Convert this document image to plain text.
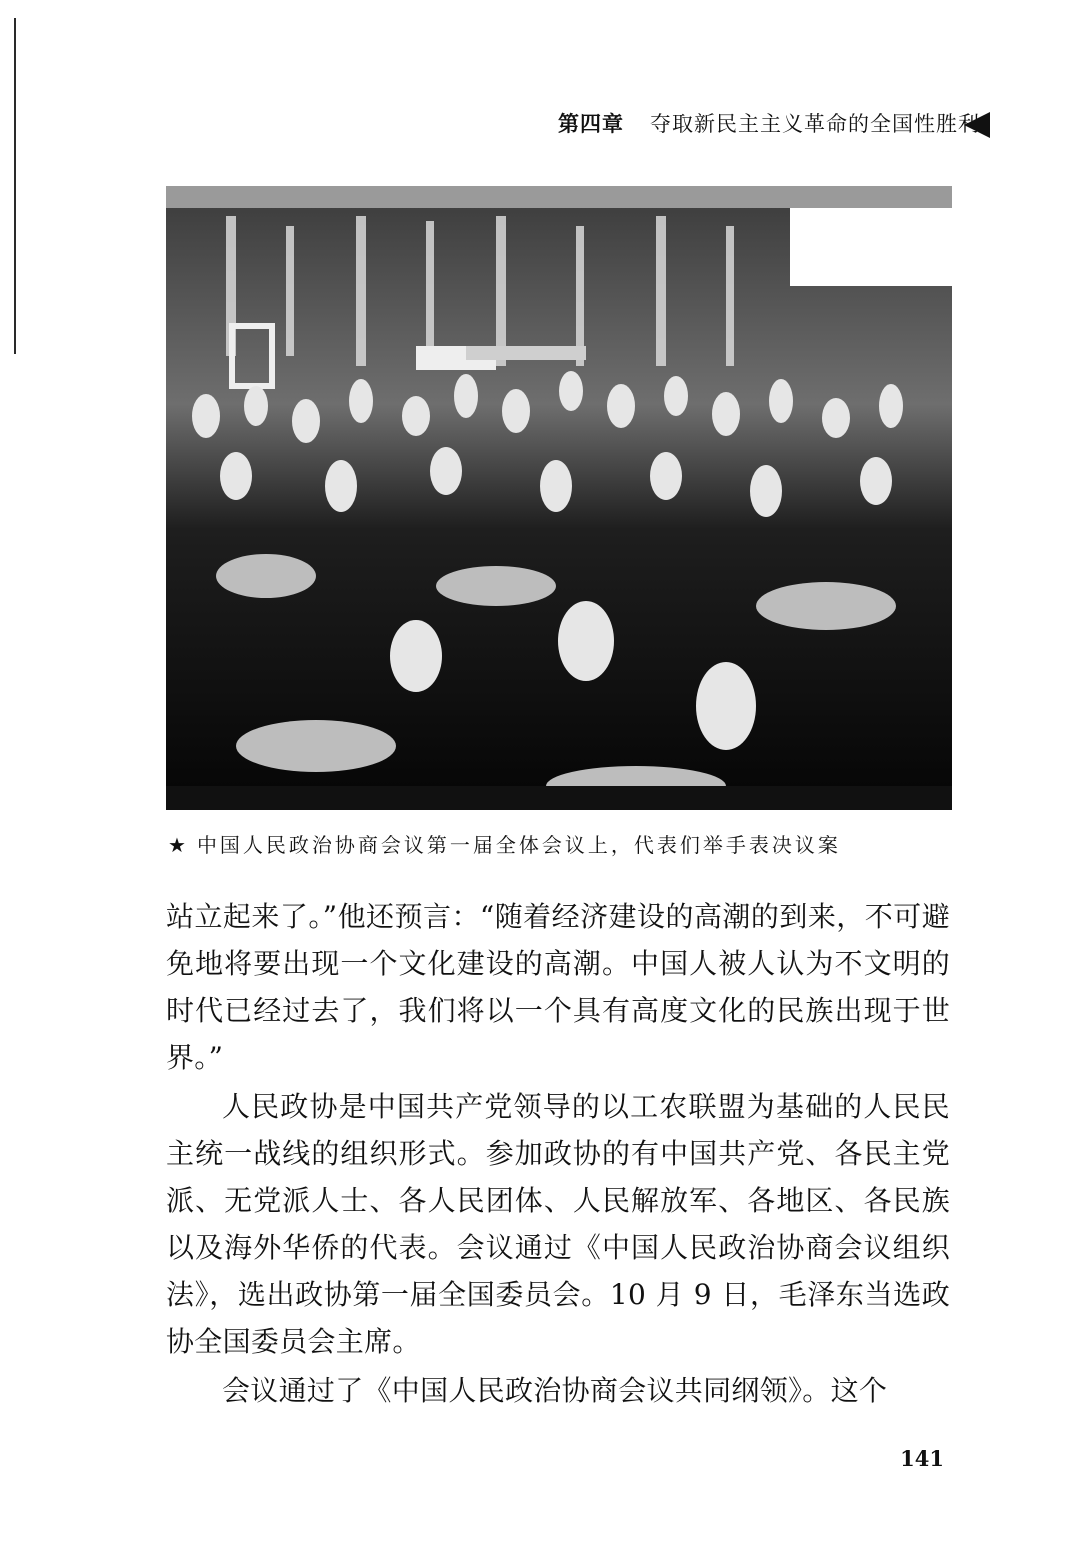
第四章 夺取新民主主义革命的全国性胜利
★ 中国人民政治协商会议第一届全体会议上，代表们举手表决议案

站立起来了。”他还预言：“随着经济建设的高潮的到来，不可避免地将要出现一个文化建设的高潮。中国人被人认为不文明的时代已经过去了，我们将以一个具有高度文化的民族出现于世界。”

人民政协是中国共产党领导的以工农联盟为基础的人民民主统一战线的组织形式。参加政协的有中国共产党、各民主党派、无党派人士、各人民团体、人民解放军、各地区、各民族以及海外华侨的代表。会议通过《中国人民政治协商会议组织法》，选出政协第一届全国委员会。10 月 9 日，毛泽东当选政协全国委员会主席。

会议通过了《中国人民政治协商会议共同纲领》。这个

141
